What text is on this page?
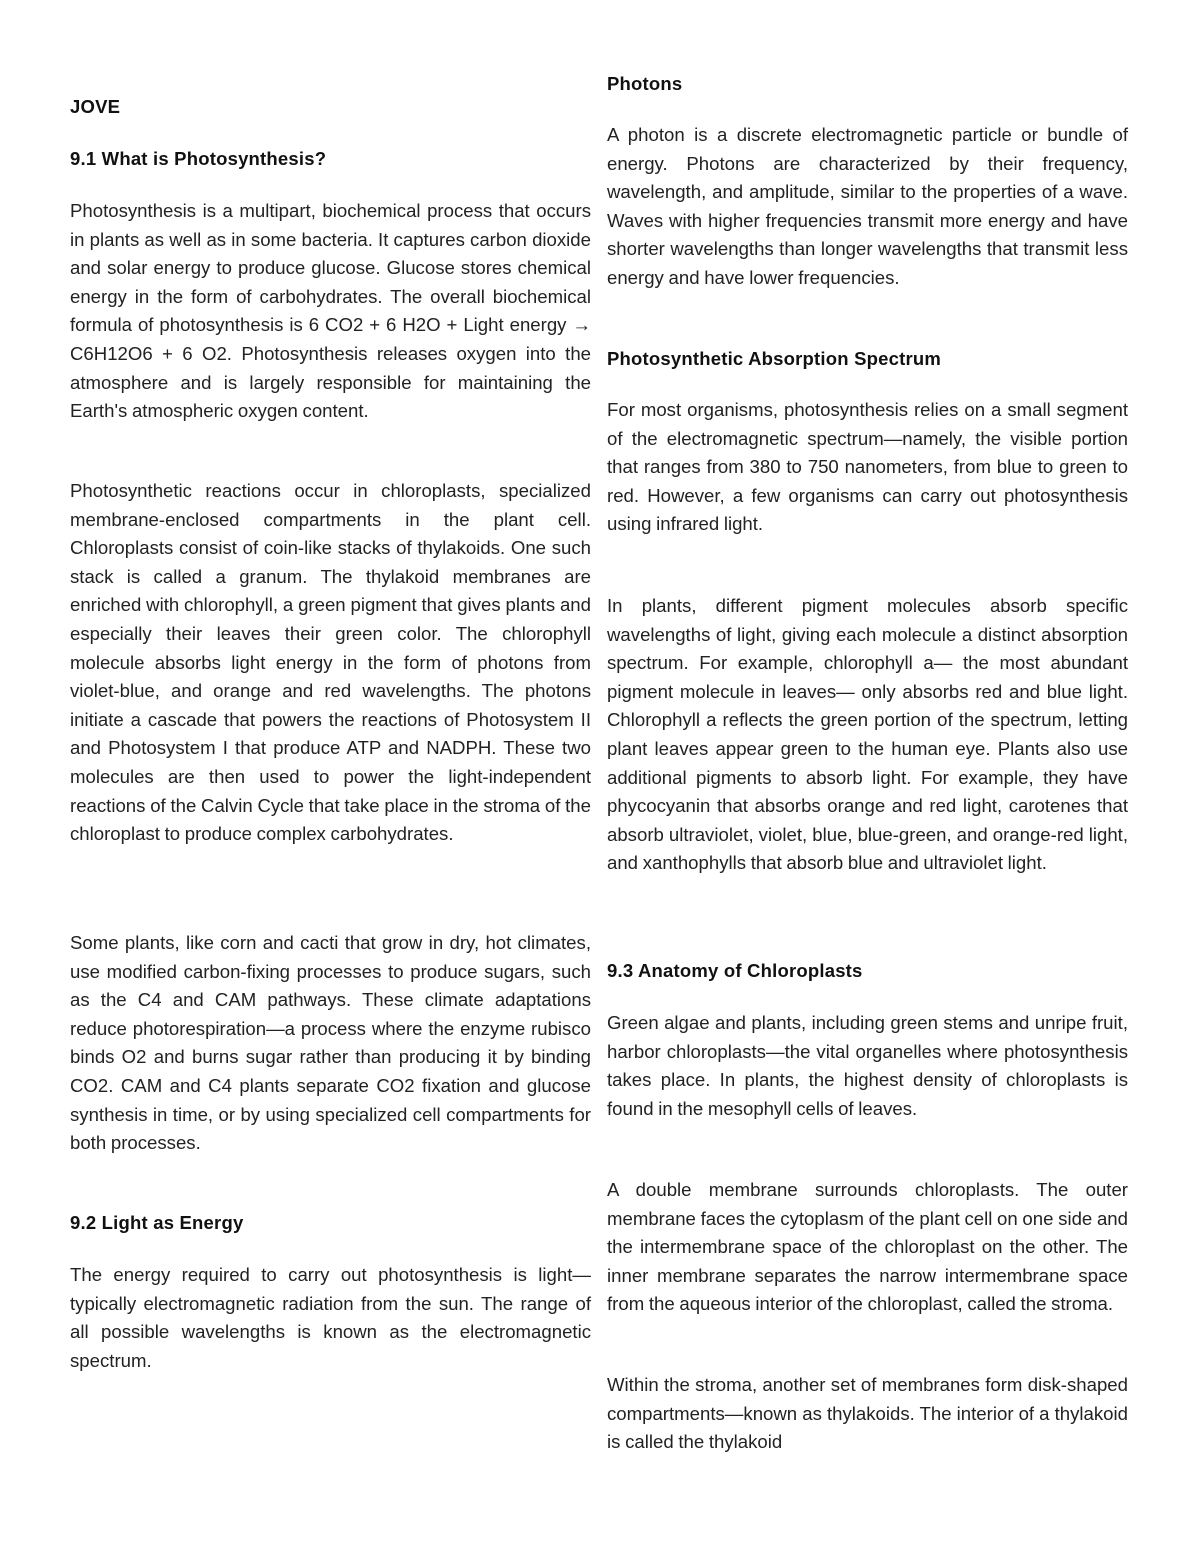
JOVE
9.1 What is Photosynthesis?

Photosynthesis is a multipart, biochemical process that occurs in plants as well as in some bacteria. It captures carbon dioxide and solar energy to produce glucose. Glucose stores chemical energy in the form of carbohydrates. The overall biochemical formula of photosynthesis is 6 CO2 + 6 H2O + Light energy → C6H12O6 + 6 O2. Photosynthesis releases oxygen into the atmosphere and is largely responsible for maintaining the Earth's atmospheric oxygen content.

Photosynthetic reactions occur in chloroplasts, specialized membrane-enclosed compartments in the plant cell. Chloroplasts consist of coin-like stacks of thylakoids. One such stack is called a granum. The thylakoid membranes are enriched with chlorophyll, a green pigment that gives plants and especially their leaves their green color. The chlorophyll molecule absorbs light energy in the form of photons from violet-blue, and orange and red wavelengths. The photons initiate a cascade that powers the reactions of Photosystem II and Photosystem I that produce ATP and NADPH. These two molecules are then used to power the light-independent reactions of the Calvin Cycle that take place in the stroma of the chloroplast to produce complex carbohydrates.

Some plants, like corn and cacti that grow in dry, hot climates, use modified carbon-fixing processes to produce sugars, such as the C4 and CAM pathways. These climate adaptations reduce photorespiration—a process where the enzyme rubisco binds O2 and burns sugar rather than producing it by binding CO2. CAM and C4 plants separate CO2 fixation and glucose synthesis in time, or by using specialized cell compartments for both processes.

9.2 Light as Energy

The energy required to carry out photosynthesis is light— typically electromagnetic radiation from the sun. The range of all possible wavelengths is known as the electromagnetic spectrum.

Photons

A photon is a discrete electromagnetic particle or bundle of energy. Photons are characterized by their frequency, wavelength, and amplitude, similar to the properties of a wave. Waves with higher frequencies transmit more energy and have shorter wavelengths than longer wavelengths that transmit less energy and have lower frequencies.

Photosynthetic Absorption Spectrum

For most organisms, photosynthesis relies on a small segment of the electromagnetic spectrum—namely, the visible portion that ranges from 380 to 750 nanometers, from blue to green to red. However, a few organisms can carry out photosynthesis using infrared light.

In plants, different pigment molecules absorb specific wavelengths of light, giving each molecule a distinct absorption spectrum. For example, chlorophyll a— the most abundant pigment molecule in leaves— only absorbs red and blue light. Chlorophyll a reflects the green portion of the spectrum, letting plant leaves appear green to the human eye. Plants also use additional pigments to absorb light. For example, they have phycocyanin that absorbs orange and red light, carotenes that absorb ultraviolet, violet, blue, blue-green, and orange-red light, and xanthophylls that absorb blue and ultraviolet light.

9.3 Anatomy of Chloroplasts

Green algae and plants, including green stems and unripe fruit, harbor chloroplasts—the vital organelles where photosynthesis takes place. In plants, the highest density of chloroplasts is found in the mesophyll cells of leaves.

A double membrane surrounds chloroplasts. The outer membrane faces the cytoplasm of the plant cell on one side and the intermembrane space of the chloroplast on the other. The inner membrane separates the narrow intermembrane space from the aqueous interior of the chloroplast, called the stroma.

Within the stroma, another set of membranes form disk-shaped compartments—known as thylakoids. The interior of a thylakoid is called the thylakoid
